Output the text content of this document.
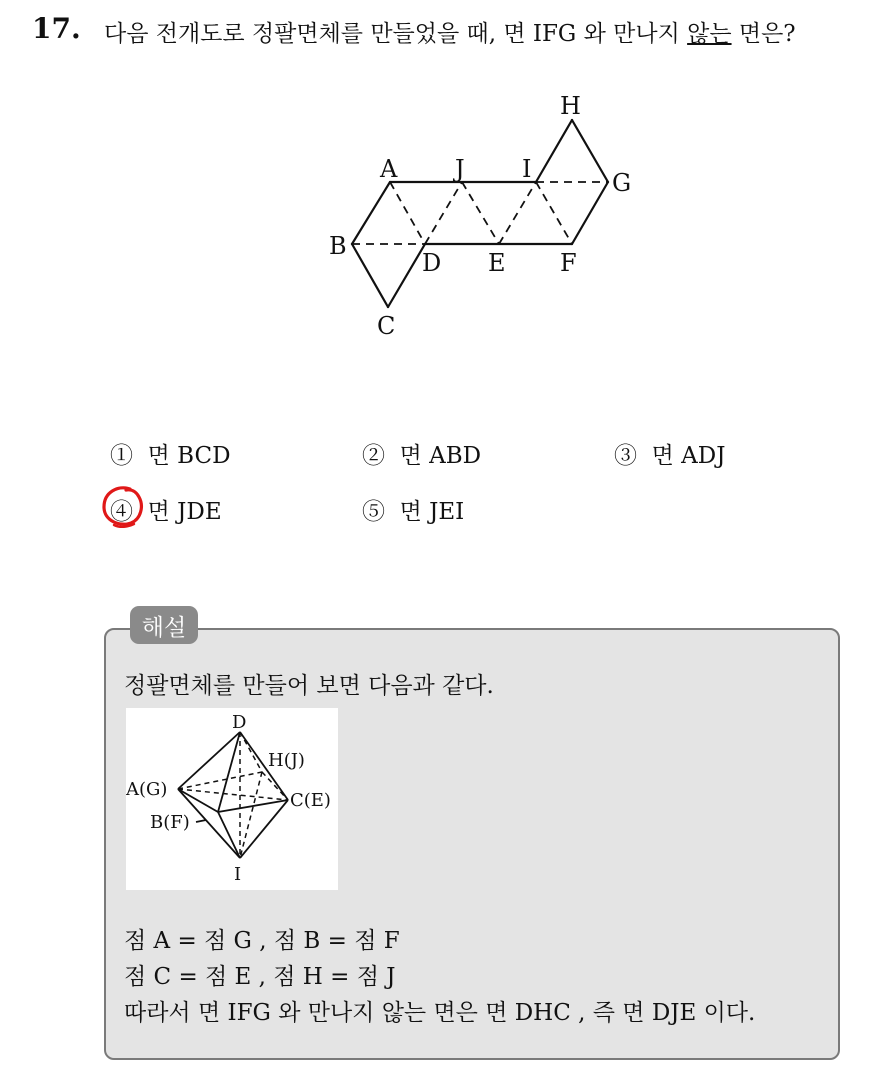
17. 다음 전개도로 정팔면체를 만들었을 때, 면 IFG 와 만나지 않는 면은?
H
A J I	G
B
D E F
C
① 면 BCD	② 면 ABD	③ 면 ADJ
④ 면 JDE	⑤ 면 JEI
해설
정팔면체를 만들어 보면 다음과 같다.
D
H(J)
A(G)
C(E)
B(F)
I
점 A = 점 G , 점 B = 점 F
점 C = 점 E , 점 H = 점 J
따라서 면 IFG 와 만나지 않는 면은 면 DHC , 즉 면 DJE 이다.
